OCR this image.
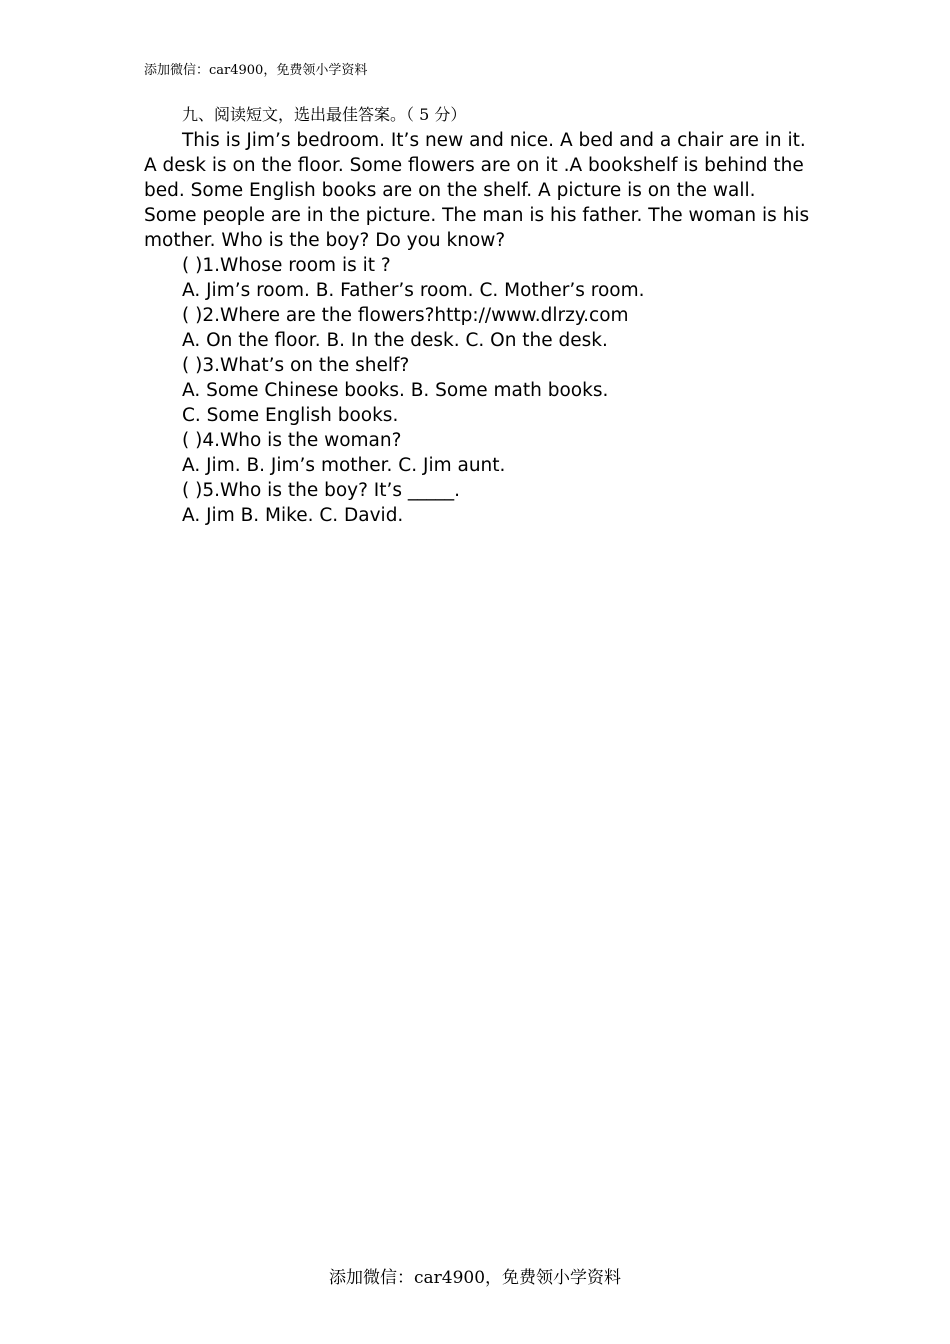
添加微信：car4900，免费领小学资料
九、阅读短文，选出最佳答案。（ 5 分）

This is Jim’s bedroom. It’s new and nice. A bed and a chair are in it. A desk is on the floor. Some flowers are on it .A bookshelf is behind the bed. Some English books are on the shelf. A picture is on the wall. Some people are in the picture. The man is his father. The woman is his mother. Who is the boy? Do you know?

( )1.Whose room is it ?
A. Jim’s room. B. Father’s room. C. Mother’s room.
( )2.Where are the flowers?http://www.dlrzy.com
A. On the floor. B. In the desk. C. On the desk.
( )3.What’s on the shelf?
A. Some Chinese books. B. Some math books.
C. Some English books.
( )4.Who is the woman?
A. Jim. B. Jim’s mother. C. Jim aunt.
( )5.Who is the boy? It’s _____.
A. Jim B. Mike. C. David.
添加微信：car4900，免费领小学资料
